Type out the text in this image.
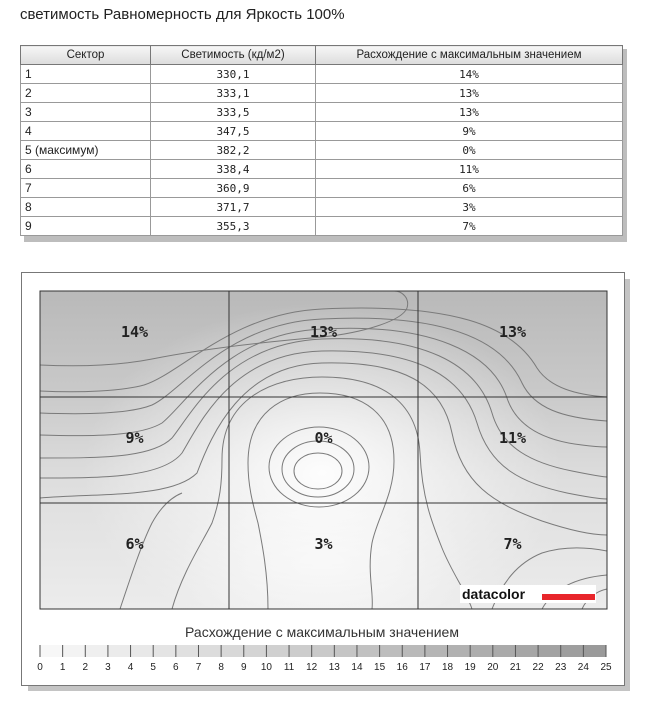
светимость Равномерность для Яркость 100%
Сектор	Светимость (кд/м2)	Расхождение с максимальным значением
1	330,1	14%
2	333,1	13%
3	333,5	13%
4	347,5	9%
5 (максимум)	382,2	0%
6	338,4	11%
7	360,9	6%
8	371,7	3%
9	355,3	7%
14%	13%	13%
9%	0%	11%
6%	3%	7%
datacolor
Расхождение с максимальным значением
0 1 2 3 4 5 6 7 8 9 10 11 12 13 14 15 16 17 18 19 20 21 22 23 24 25
